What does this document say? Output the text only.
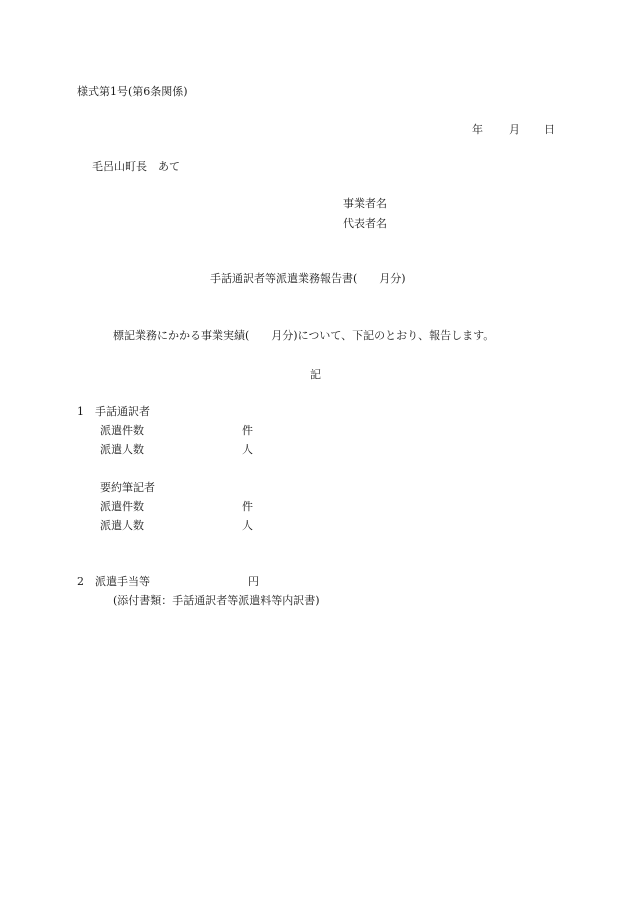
様式第1号(第6条関係)
年 月 日
毛呂山町長　あて
事業者名
代表者名
手話通訳者等派遣業務報告書(　　月分)
標記業務にかかる事業実績(　　月分)について、下記のとおり、報告します。
記
1　手話通訳者
派遣件数	件
派遣人数	人
要約筆記者
派遣件数	件
派遣人数	人
2　派遣手当等	円
(添付書類：手話通訳者等派遣料等内訳書)
